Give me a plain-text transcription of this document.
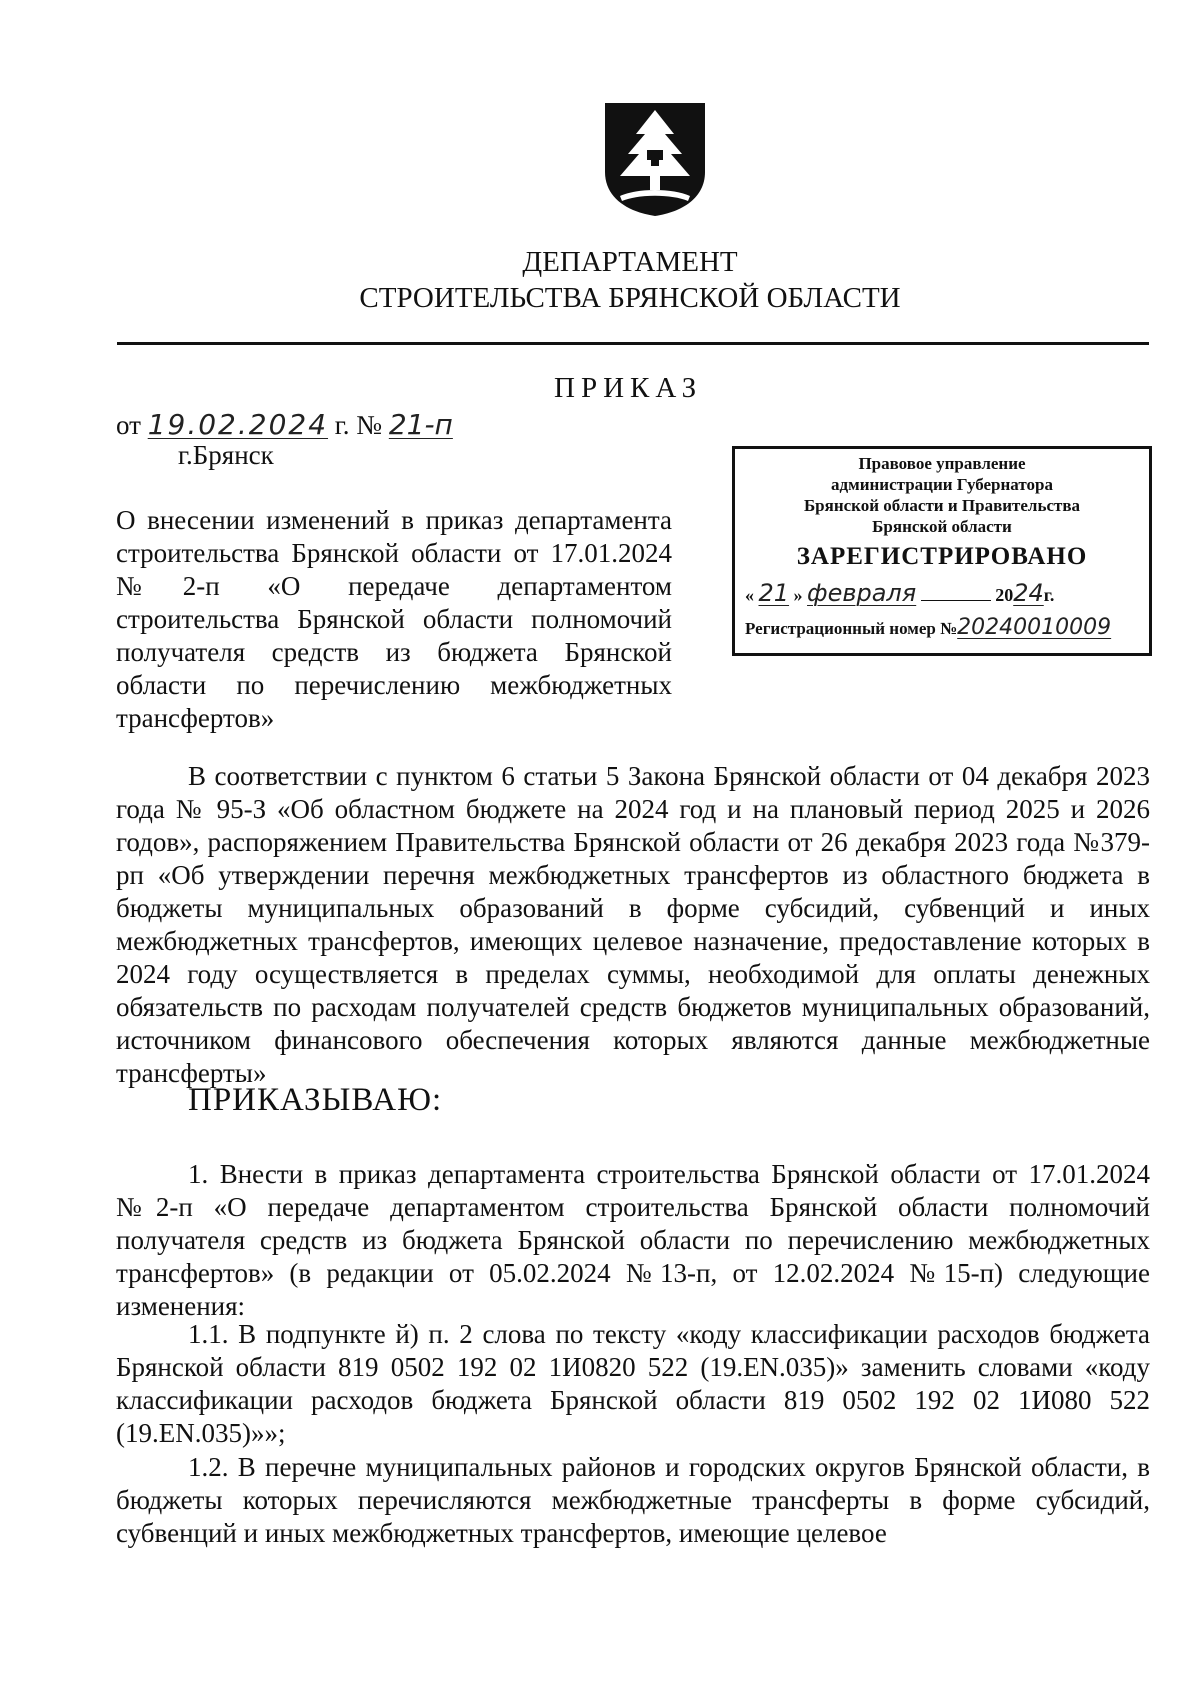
ДЕПАРТАМЕНТ
СТРОИТЕЛЬСТВА БРЯНСКОЙ ОБЛАСТИ
ПРИКАЗ
от 19.02.2024 г. № 21-п
г.Брянск
О внесении изменений в приказ департамента строительства Брянской области от 17.01.2024 №2-п «О передаче департаментом строительства Брянской области полномочий получателя средств из бюджета Брянской области по перечислению межбюджетных трансфертов»
Правовое управление
администрации Губернатора
Брянской области и Правительства
Брянской области
ЗАРЕГИСТРИРОВАНО
« 21 » февраля	2024г.
Регистрационный номер №20240010009
В соответствии с пунктом 6 статьи 5 Закона Брянской области от 04 декабря 2023 года № 95-З «Об областном бюджете на 2024 год и на плановый период 2025 и 2026 годов», распоряжением Правительства Брянской области от 26 декабря 2023 года №379-рп «Об утверждении перечня межбюджетных трансфертов из областного бюджета в бюджеты муниципальных образований в форме субсидий, субвенций и иных межбюджетных трансфертов, имеющих целевое назначение, предоставление которых в 2024 году осуществляется в пределах суммы, необходимой для оплаты денежных обязательств по расходам получателей средств бюджетов муниципальных образований, источником финансового обеспечения которых являются данные межбюджетные трансферты»
ПРИКАЗЫВАЮ:
1. Внести в приказ департамента строительства Брянской области от 17.01.2024 №2-п «О передаче департаментом строительства Брянской области полномочий получателя средств из бюджета Брянской области по перечислению межбюджетных трансфертов» (в редакции от 05.02.2024 №13-п, от 12.02.2024 №15-п) следующие изменения:
1.1. В подпункте й) п. 2 слова по тексту «коду классификации расходов бюджета Брянской области 819 0502 192 02 1И0820 522 (19.EN.035)» заменить словами «коду классификации расходов бюджета Брянской области 819 0502 192 02 1И080 522 (19.EN.035)»»;
1.2. В перечне муниципальных районов и городских округов Брянской области, в бюджеты которых перечисляются межбюджетные трансферты в форме субсидий, субвенций и иных межбюджетных трансфертов, имеющие целевое
